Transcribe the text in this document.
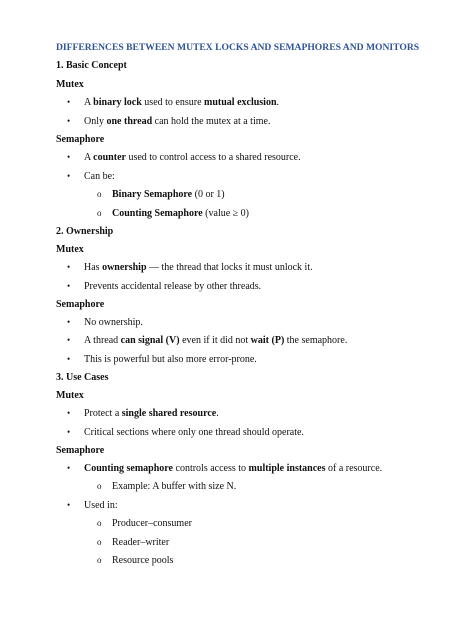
DIFFERENCES BETWEEN MUTEX LOCKS AND SEMAPHORES AND MONITORS
1. Basic Concept
Mutex
• A binary lock used to ensure mutual exclusion.
• Only one thread can hold the mutex at a time.
Semaphore
• A counter used to control access to a shared resource.
• Can be:
o Binary Semaphore (0 or 1)
o Counting Semaphore (value ≥ 0)
2. Ownership
Mutex
• Has ownership — the thread that locks it must unlock it.
• Prevents accidental release by other threads.
Semaphore
• No ownership.
• A thread can signal (V) even if it did not wait (P) the semaphore.
• This is powerful but also more error-prone.
3. Use Cases
Mutex
• Protect a single shared resource.
• Critical sections where only one thread should operate.
Semaphore
• Counting semaphore controls access to multiple instances of a resource.
o Example: A buffer with size N.
• Used in:
o Producer–consumer
o Reader–writer
o Resource pools
